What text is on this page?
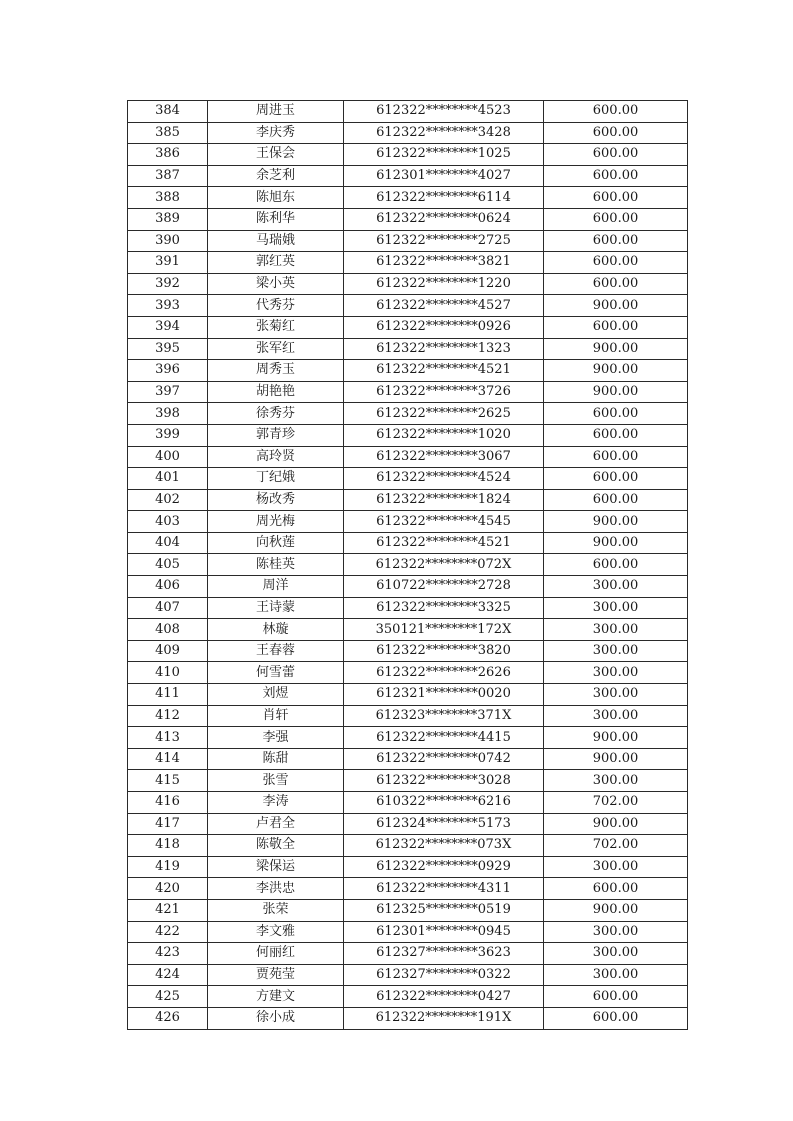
384	周进玉	612322********4523	600.00
385	李庆秀	612322********3428	600.00
386	王保会	612322********1025	600.00
387	余芝利	612301********4027	600.00
388	陈旭东	612322********6114	600.00
389	陈利华	612322********0624	600.00
390	马瑞娥	612322********2725	600.00
391	郭红英	612322********3821	600.00
392	梁小英	612322********1220	600.00
393	代秀芬	612322********4527	900.00
394	张菊红	612322********0926	600.00
395	张军红	612322********1323	900.00
396	周秀玉	612322********4521	900.00
397	胡艳艳	612322********3726	900.00
398	徐秀芬	612322********2625	600.00
399	郭青珍	612322********1020	600.00
400	高玲贤	612322********3067	600.00
401	丁纪娥	612322********4524	600.00
402	杨改秀	612322********1824	600.00
403	周光梅	612322********4545	900.00
404	向秋莲	612322********4521	900.00
405	陈桂英	612322********072X	600.00
406	周洋	610722********2728	300.00
407	王诗蒙	612322********3325	300.00
408	林璇	350121********172X	300.00
409	王春蓉	612322********3820	300.00
410	何雪蕾	612322********2626	300.00
411	刘煜	612321********0020	300.00
412	肖轩	612323********371X	300.00
413	李强	612322********4415	900.00
414	陈甜	612322********0742	900.00
415	张雪	612322********3028	300.00
416	李涛	610322********6216	702.00
417	卢君全	612324********5173	900.00
418	陈敬全	612322********073X	702.00
419	梁保运	612322********0929	300.00
420	李洪忠	612322********4311	600.00
421	张荣	612325********0519	900.00
422	李文雅	612301********0945	300.00
423	何丽红	612327********3623	300.00
424	贾苑莹	612327********0322	300.00
425	方建文	612322********0427	600.00
426	徐小成	612322********191X	600.00
